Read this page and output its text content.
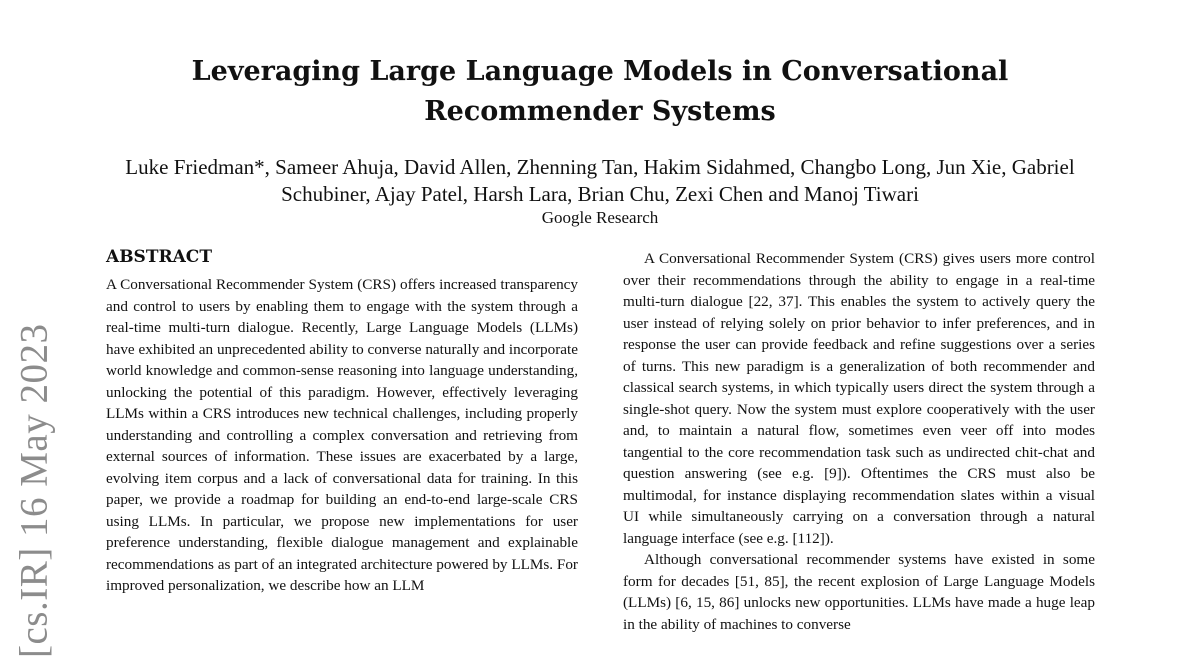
[cs.IR] 16 May 2023
Leveraging Large Language Models in Conversational Recommender Systems

Luke Friedman*, Sameer Ahuja, David Allen, Zhenning Tan, Hakim Sidahmed, Changbo Long, Jun Xie, Gabriel Schubiner, Ajay Patel, Harsh Lara, Brian Chu, Zexi Chen and Manoj Tiwari

Google Research

ABSTRACT

A Conversational Recommender System (CRS) offers increased transparency and control to users by enabling them to engage with the system through a real-time multi-turn dialogue. Recently, Large Language Models (LLMs) have exhibited an unprecedented ability to converse naturally and incorporate world knowledge and common-sense reasoning into language understanding, unlocking the potential of this paradigm. However, effectively leveraging LLMs within a CRS introduces new technical challenges, including properly understanding and controlling a complex conversation and retrieving from external sources of information. These issues are exacerbated by a large, evolving item corpus and a lack of conversational data for training. In this paper, we provide a roadmap for building an end-to-end large-scale CRS using LLMs. In particular, we propose new implementations for user preference understanding, flexible dialogue management and explainable recommendations as part of an integrated architecture powered by LLMs. For improved personalization, we describe how an LLM

A Conversational Recommender System (CRS) gives users more control over their recommendations through the ability to engage in a real-time multi-turn dialogue [22, 37]. This enables the system to actively query the user instead of relying solely on prior behavior to infer preferences, and in response the user can provide feedback and refine suggestions over a series of turns. This new paradigm is a generalization of both recommender and classical search systems, in which typically users direct the system through a single-shot query. Now the system must explore cooperatively with the user and, to maintain a natural flow, sometimes even veer off into modes tangential to the core recommendation task such as undirected chit-chat and question answering (see e.g. [9]). Oftentimes the CRS must also be multimodal, for instance displaying recommendation slates within a visual UI while simultaneously carrying on a conversation through a natural language interface (see e.g. [112]).

Although conversational recommender systems have existed in some form for decades [51, 85], the recent explosion of Large Language Models (LLMs) [6, 15, 86] unlocks new opportunities. LLMs have made a huge leap in the ability of machines to converse
